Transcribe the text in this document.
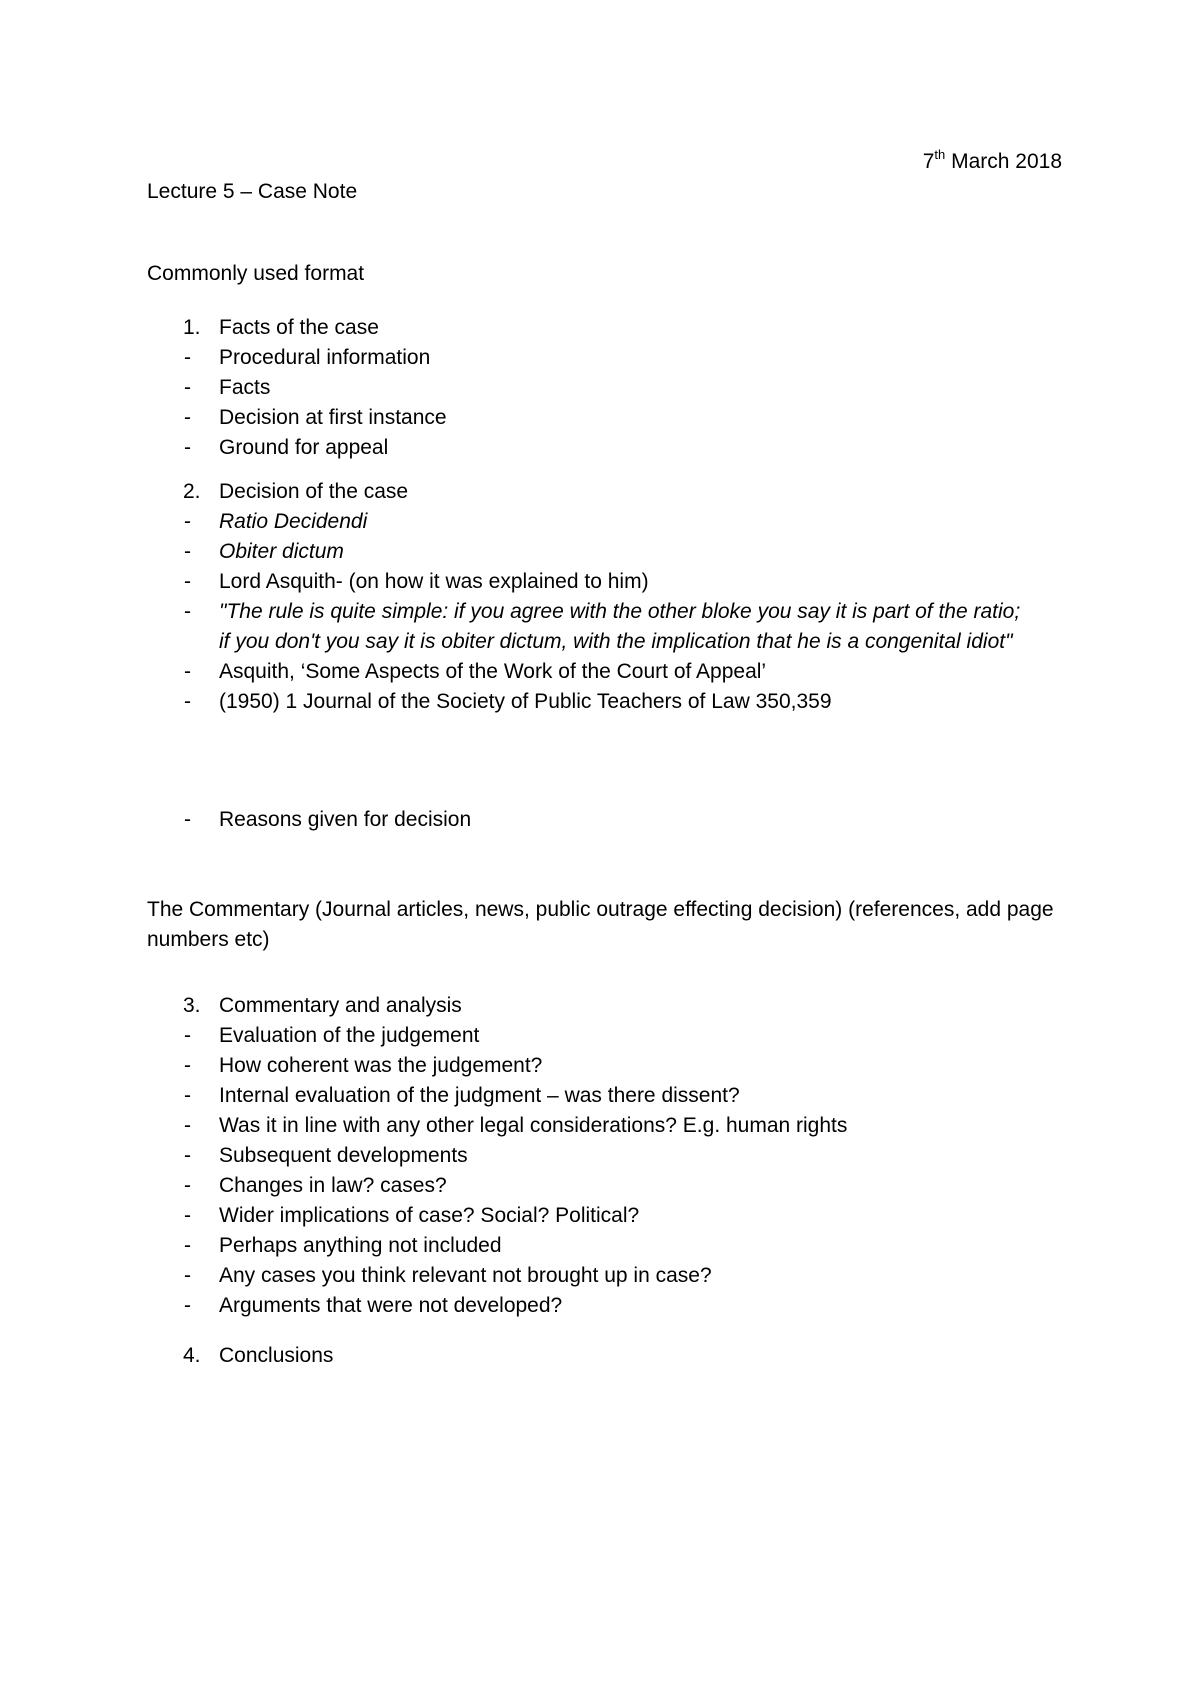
7th March 2018
Lecture 5 – Case Note
Commonly used format
1. Facts of the case
- Procedural information
- Facts
- Decision at first instance
- Ground for appeal
2. Decision of the case
- Ratio Decidendi
- Obiter dictum
- Lord Asquith- (on how it was explained to him)
- "The rule is quite simple: if you agree with the other bloke you say it is part of the ratio; if you don't you say it is obiter dictum, with the implication that he is a congenital idiot"
- Asquith, ‘Some Aspects of the Work of the Court of Appeal’
- (1950) 1 Journal of the Society of Public Teachers of Law 350,359
- Reasons given for decision
The Commentary (Journal articles, news, public outrage effecting decision) (references, add page numbers etc)
3. Commentary and analysis
- Evaluation of the judgement
- How coherent was the judgement?
- Internal evaluation of the judgment – was there dissent?
- Was it in line with any other legal considerations? E.g. human rights
- Subsequent developments
- Changes in law? cases?
- Wider implications of case? Social? Political?
- Perhaps anything not included
- Any cases you think relevant not brought up in case?
- Arguments that were not developed?
4. Conclusions
